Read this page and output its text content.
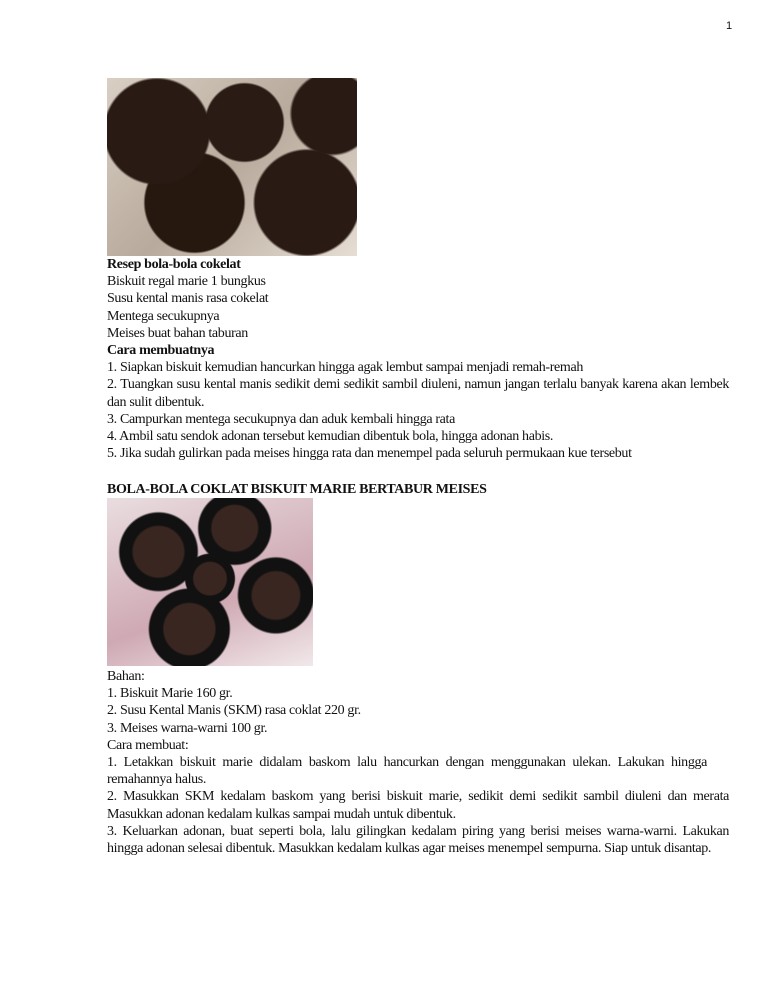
1

Resep bola-bola cokelat

Biskuit regal marie 1 bungkus

Susu kental manis rasa cokelat

Mentega secukupnya

Meises buat bahan taburan

Cara membuatnya

1. Siapkan biskuit kemudian hancurkan hingga agak lembut sampai menjadi remah-remah

2. Tuangkan susu kental manis sedikit demi sedikit sambil diuleni, namun jangan terlalu banyak karena akan lembek dan sulit dibentuk.

3. Campurkan mentega secukupnya dan aduk kembali hingga rata

4. Ambil satu sendok adonan tersebut kemudian dibentuk bola, hingga adonan habis.

5. Jika sudah gulirkan pada meises hingga rata dan menempel pada seluruh permukaan kue tersebut

BOLA-BOLA COKLAT BISKUIT MARIE BERTABUR MEISES

Bahan:

1. Biskuit Marie 160 gr.

2. Susu Kental Manis (SKM) rasa coklat 220 gr.

3. Meises warna-warni 100 gr.

Cara membuat:

1. Letakkan biskuit marie didalam baskom lalu hancurkan dengan menggunakan ulekan. Lakukan hingga remahannya halus.

2. Masukkan SKM kedalam baskom yang berisi biskuit marie, sedikit demi sedikit sambil diuleni dan merata Masukkan adonan kedalam kulkas sampai mudah untuk dibentuk.

3. Keluarkan adonan, buat seperti bola, lalu gilingkan kedalam piring yang berisi meises warna-warni. Lakukan hingga adonan selesai dibentuk. Masukkan kedalam kulkas agar meises menempel sempurna. Siap untuk disantap.
